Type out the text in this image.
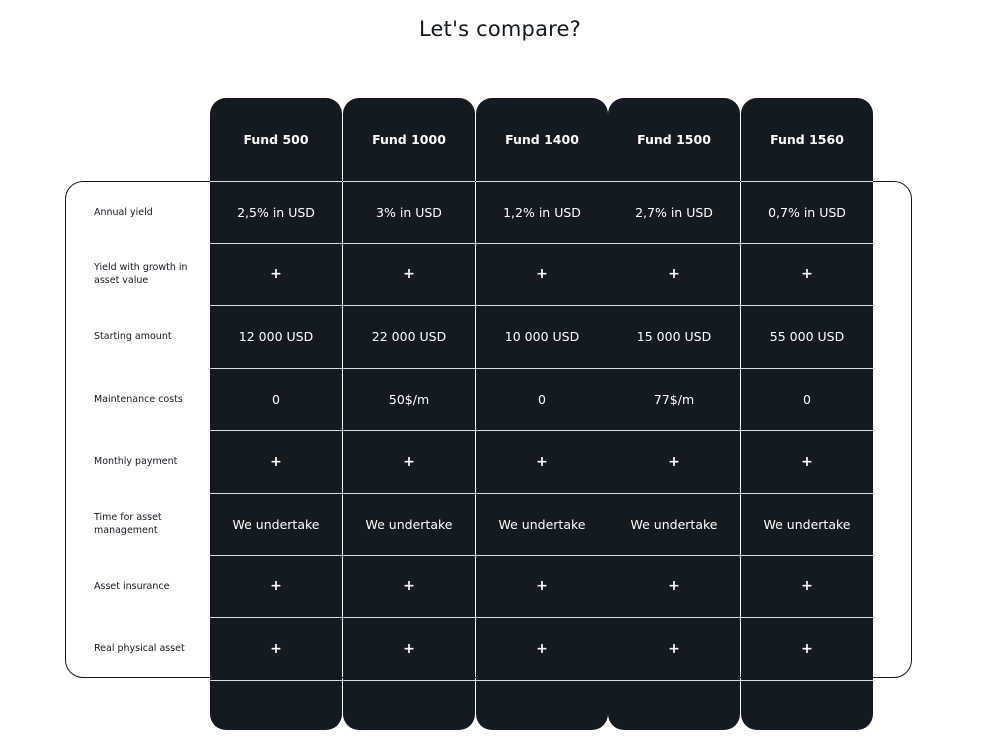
Let's compare?
Annual yield
Yield with growth in asset value
Starting amount
Maintenance costs
Monthly payment
Time for asset management
Asset insurance
Real physical asset
Fund 500
2,5% in USD
+
12 000 USD
0
+
We undertake
+
+
Fund 1000
3% in USD
+
22 000 USD
50$/m
+
We undertake
+
+
Fund 1400
1,2% in USD
+
10 000 USD
0
+
We undertake
+
+
Fund 1500
2,7% in USD
+
15 000 USD
77$/m
+
We undertake
+
+
Fund 1560
0,7% in USD
+
55 000 USD
0
+
We undertake
+
+
